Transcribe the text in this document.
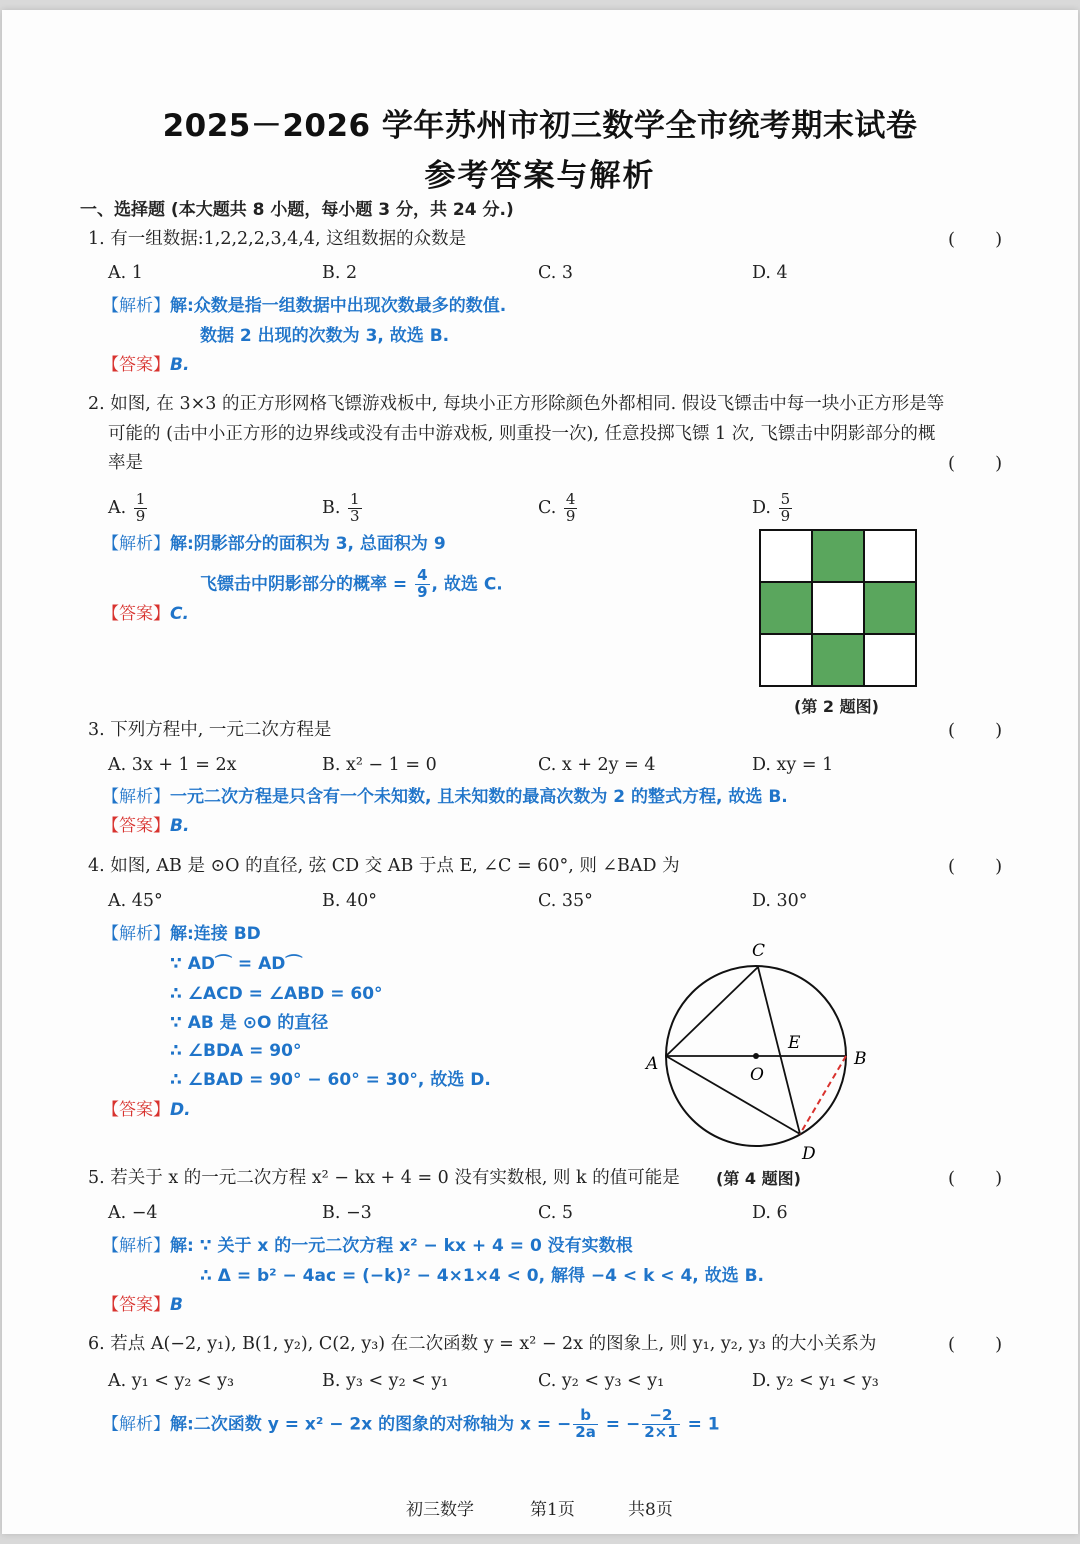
2025－2026 学年苏州市初三数学全市统考期末试卷
参考答案与解析
一、选择题 (本大题共 8 小题，每小题 3 分，共 24 分.)
1. 有一组数据:1,2,2,2,3,4,4, 这组数据的众数是	(       )
A. 1	B. 2	C. 3	D. 4
【解析】解:众数是指一组数据中出现次数最多的数值.
数据 2 出现的次数为 3, 故选 B.
【答案】B.
2. 如图, 在 3×3 的正方形网格飞镖游戏板中, 每块小正方形除颜色外都相同. 假设飞镖击中每一块小正方形是等
可能的 (击中小正方形的边界线或没有击中游戏板, 则重投一次), 任意投掷飞镖 1 次, 飞镖击中阴影部分的概
率是	(       )
A. $\frac{1}{9}$	B. $\frac{1}{3}$	C. $\frac{4}{9}$	D. $\frac{5}{9}$
【解析】解:阴影部分的面积为 3, 总面积为 9
飞镖击中阴影部分的概率 = $\frac{4}{9}$ , 故选 C.
【答案】C.
(第 2 题图)
3. 下列方程中, 一元二次方程是	(       )
A. 3x + 1 = 2x	B. x² − 1 = 0	C. x + 2y = 4	D. xy = 1
【解析】一元二次方程是只含有一个未知数, 且未知数的最高次数为 2 的整式方程, 故选 B.
【答案】B.
4. 如图, AB 是 ⊙O 的直径, 弦 CD 交 AB 于点 E, ∠C = 60°, 则 ∠BAD 为	(       )
A. 45°	B. 40°	C. 35°	D. 30°
【解析】解:连接 BD
∵ AD⌒ = AD⌒
∴ ∠ACD = ∠ABD = 60°
∵ AB 是 ⊙O 的直径
∴ ∠BDA = 90°
∴ ∠BAD = 90° − 60° = 30°, 故选 D.
【答案】D.
C
A	B
D
E
O
(第 4 题图)
5. 若关于 x 的一元二次方程 x² − kx + 4 = 0 没有实数根, 则 k 的值可能是	(       )
A. −4	B. −3	C. 5	D. 6
【解析】解: ∵ 关于 x 的一元二次方程 x² − kx + 4 = 0 没有实数根
∴ Δ = b² − 4ac = (−k)² − 4×1×4 < 0, 解得 −4 < k < 4, 故选 B.
【答案】B
6. 若点 A(−2, y₁), B(1, y₂), C(2, y₃) 在二次函数 y = x² − 2x 的图象上, 则 y₁, y₂, y₃ 的大小关系为	(       )
A. y₁ < y₂ < y₃	B. y₃ < y₂ < y₁	C. y₂ < y₃ < y₁	D. y₂ < y₁ < y₃
【解析】解:二次函数 y = x² − 2x 的图象的对称轴为 x = − $\frac{b}{2a}$ = − $\frac{-2}{2\times 1} = 1$
初三数学	第1页	共8页
